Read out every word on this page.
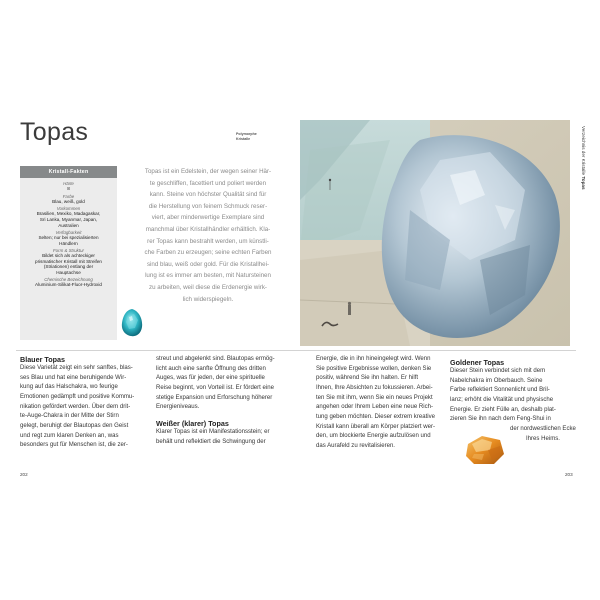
Topas	Polymorphe
Kristalle	Verzeichnis der Kristalle Topas
Kristall-Fakten
Härte
8
Farbe
Blau, weiß, gold
Vorkommen
Brasilien, Mexiko, Madagaskar,
Sri Lanka, Myanmar, Japan,
Australien
Verfügbarkeit
Selten; nur bei spezialisierten
Händlern
Form & Struktur
Bildet sich als achteckiger
prismatischer Kristall mit Streifen
(Striationen) entlang der
Hauptachse
Chemische Bezeichnung
Aluminium-Silikat-Fluor-Hydroxid
Topas ist ein Edelstein, der wegen seiner Här-
te geschliffen, facettiert und poliert werden
kann. Steine von höchster Qualität sind für
die Herstellung von feinem Schmuck reser-
viert, aber minderwertige Exemplare sind
manchmal über Kristallhändler erhältlich. Kla-
rer Topas kann bestrahlt werden, um künstli-
che Farben zu erzeugen; seine echten Farben
sind blau, weiß oder gold. Für die Kristallhei-
lung ist es immer am besten, mit Natursteinen
zu arbeiten, weil diese die Erdenergie wirk-
lich widerspiegeln.
Blauer Topas
Diese Varietät zeigt ein sehr sanftes, blas-
ses Blau und hat eine beruhigende Wir-
kung auf das Halschakra, wo feurige
Emotionen gedämpft und positive Kommu-
nikation gefördert werden. Über dem drit-
te-Auge-Chakra in der Mitte der Stirn
gelegt, beruhigt der Blautopas den Geist
und regt zum klaren Denken an, was
besonders gut für Menschen ist, die zer-
streut und abgelenkt sind. Blautopas ermög-
licht auch eine sanfte Öffnung des dritten
Auges, was für jeden, der eine spirituelle
Reise beginnt, von Vorteil ist. Er fördert eine
stetige Expansion und Erforschung höherer
Energieniveaus.
Weißer (klarer) Topas
Klarer Topas ist ein Manifestationsstein; er
behält und reflektiert die Schwingung der
Energie, die in ihn hineingelegt wird. Wenn
Sie positive Ergebnisse wollen, denken Sie
positiv, während Sie ihn halten. Er hilft
Ihnen, Ihre Absichten zu fokussieren. Arbei-
ten Sie mit ihm, wenn Sie ein neues Projekt
angehen oder Ihrem Leben eine neue Rich-
tung geben möchten. Dieser extrem kreative
Kristall kann überall am Körper platziert wer-
den, um blockierte Energie aufzulösen und
das Aurafeld zu revitalisieren.
Goldener Topas
Dieser Stein verbindet sich mit dem
Nabelchakra im Oberbauch. Seine
Farbe reflektiert Sonnenlicht und Bril-
lanz; erhöht die Vitalität und physische
Energie. Er zieht Fülle an, deshalb plat-
zieren Sie ihn nach dem Feng-Shui in
der nordwestlichen Ecke
Ihres Heims.
202	203
